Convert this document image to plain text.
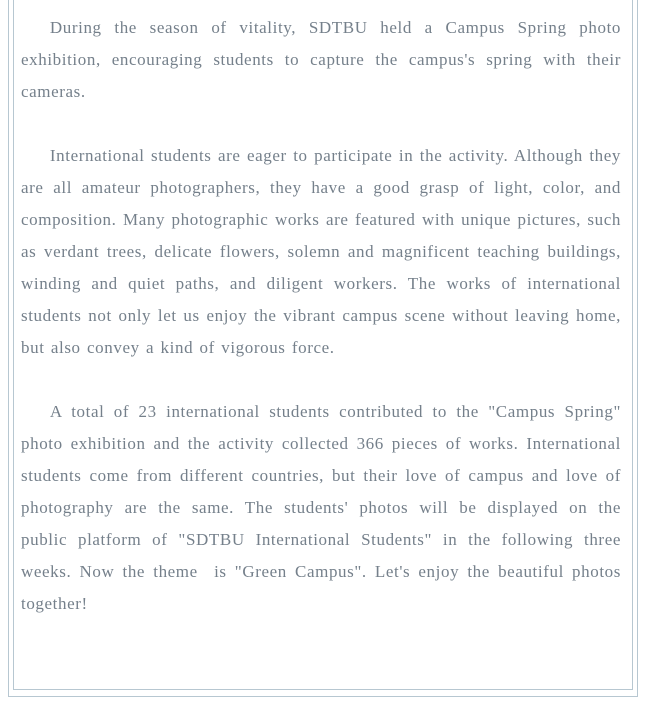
During the season of vitality, SDTBU held a Campus Spring photo exhibition, encouraging students to capture the campus's spring with their cameras.

International students are eager to participate in the activity. Although they are all amateur photographers, they have a good grasp of light, color, and composition. Many photographic works are featured with unique pictures, such as verdant trees, delicate flowers, solemn and magnificent teaching buildings, winding and quiet paths, and diligent workers. The works of international students not only let us enjoy the vibrant campus scene without leaving home, but also convey a kind of vigorous force.

A total of 23 international students contributed to the "Campus Spring" photo exhibition and the activity collected 366 pieces of works. International students come from different countries, but their love of campus and love of photography are the same. The students' photos will be displayed on the public platform of "SDTBU International Students" in the following three weeks. Now the theme  is "Green Campus". Let's enjoy the beautiful photos together!
